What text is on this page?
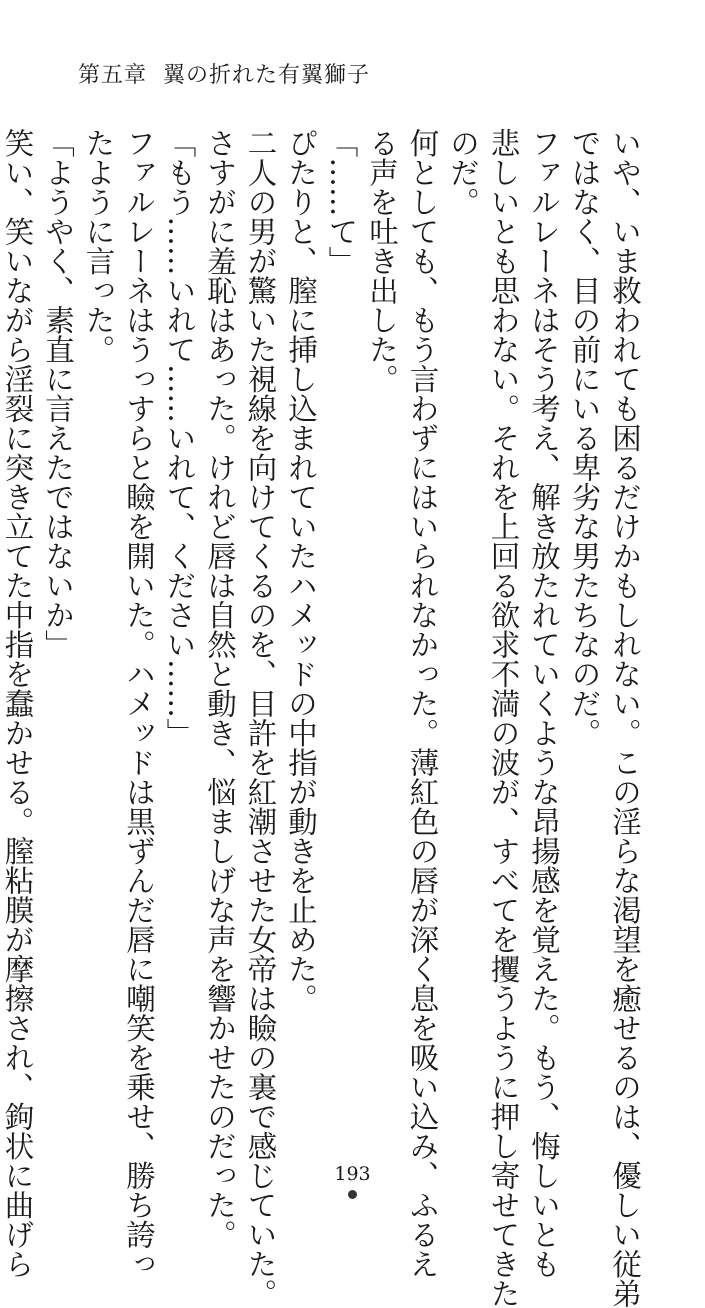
第五章 翼の折れた有翼獅子

いや、いま救われても困るだけかもしれない。この淫らな渇望を癒せるのは、優しい従弟

ではなく、目の前にいる卑劣な男たちなのだ。

ファルレーネはそう考え、解き放たれていくような昂揚感を覚えた。もう、悔しいとも

悲しいとも思わない。それを上回る欲求不満の波が、すべてを攫うように押し寄せてきた

のだ。

何としても、もう言わずにはいられなかった。薄紅色の唇が深く息を吸い込み、ふるえ

る声を吐き出した。

「……て」

ぴたりと、膣に挿し込まれていたハメッドの中指が動きを止めた。

二人の男が驚いた視線を向けてくるのを、目許を紅潮させた女帝は瞼の裏で感じていた。

さすがに羞恥はあった。けれど唇は自然と動き、悩ましげな声を響かせたのだった。

「もう……いれて……いれて、ください……」

ファルレーネはうっすらと瞼を開いた。ハメッドは黒ずんだ唇に嘲笑を乗せ、勝ち誇っ

たように言った。

「ようやく、素直に言えたではないか」

笑い、笑いながら淫裂に突き立てた中指を蠢かせる。膣粘膜が摩擦され、鉤状に曲げら	193
